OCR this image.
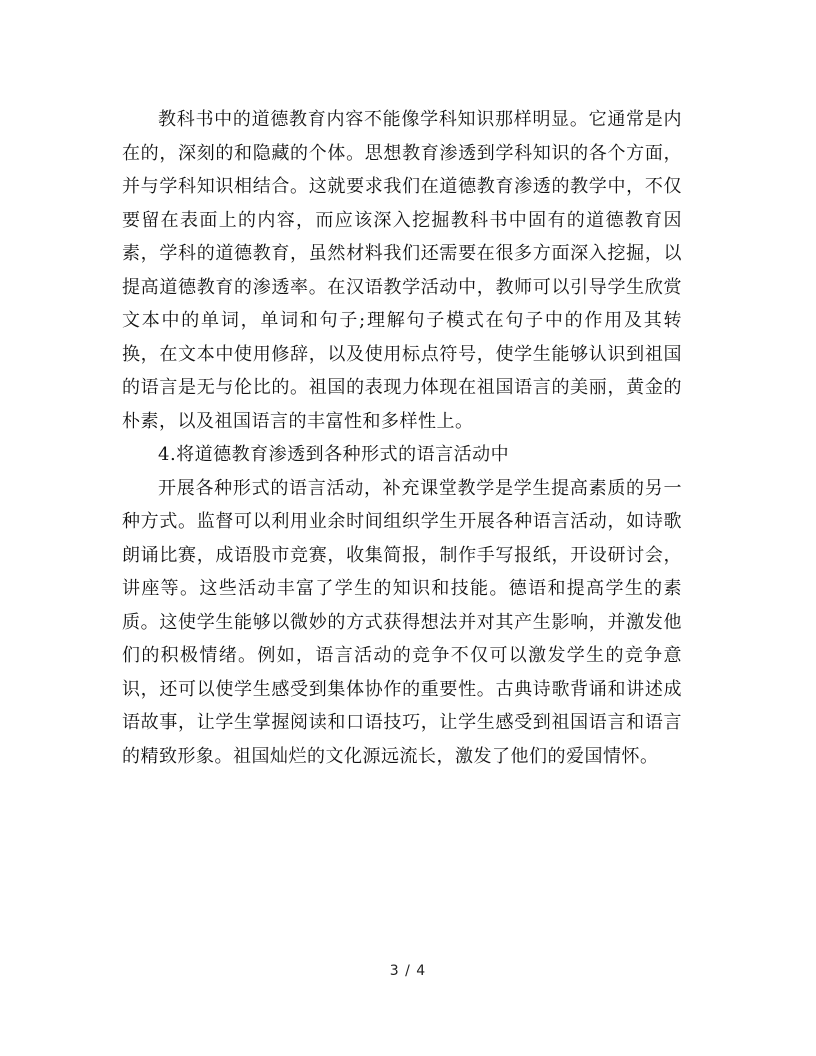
教科书中的道德教育内容不能像学科知识那样明显。它通常是内在的，深刻的和隐藏的个体。思想教育渗透到学科知识的各个方面，并与学科知识相结合。这就要求我们在道德教育渗透的教学中，不仅要留在表面上的内容，而应该深入挖掘教科书中固有的道德教育因素，学科的道德教育，虽然材料我们还需要在很多方面深入挖掘，以提高道德教育的渗透率。在汉语教学活动中，教师可以引导学生欣赏文本中的单词，单词和句子;理解句子模式在句子中的作用及其转换，在文本中使用修辞，以及使用标点符号，使学生能够认识到祖国的语言是无与伦比的。祖国的表现力体现在祖国语言的美丽，黄金的朴素，以及祖国语言的丰富性和多样性上。

4.将道德教育渗透到各种形式的语言活动中

开展各种形式的语言活动，补充课堂教学是学生提高素质的另一种方式。监督可以利用业余时间组织学生开展各种语言活动，如诗歌朗诵比赛，成语股市竞赛，收集简报，制作手写报纸，开设研讨会，讲座等。这些活动丰富了学生的知识和技能。德语和提高学生的素质。这使学生能够以微妙的方式获得想法并对其产生影响，并激发他们的积极情绪。例如，语言活动的竞争不仅可以激发学生的竞争意识，还可以使学生感受到集体协作的重要性。古典诗歌背诵和讲述成语故事，让学生掌握阅读和口语技巧，让学生感受到祖国语言和语言的精致形象。祖国灿烂的文化源远流长，激发了他们的爱国情怀。

3 / 4
